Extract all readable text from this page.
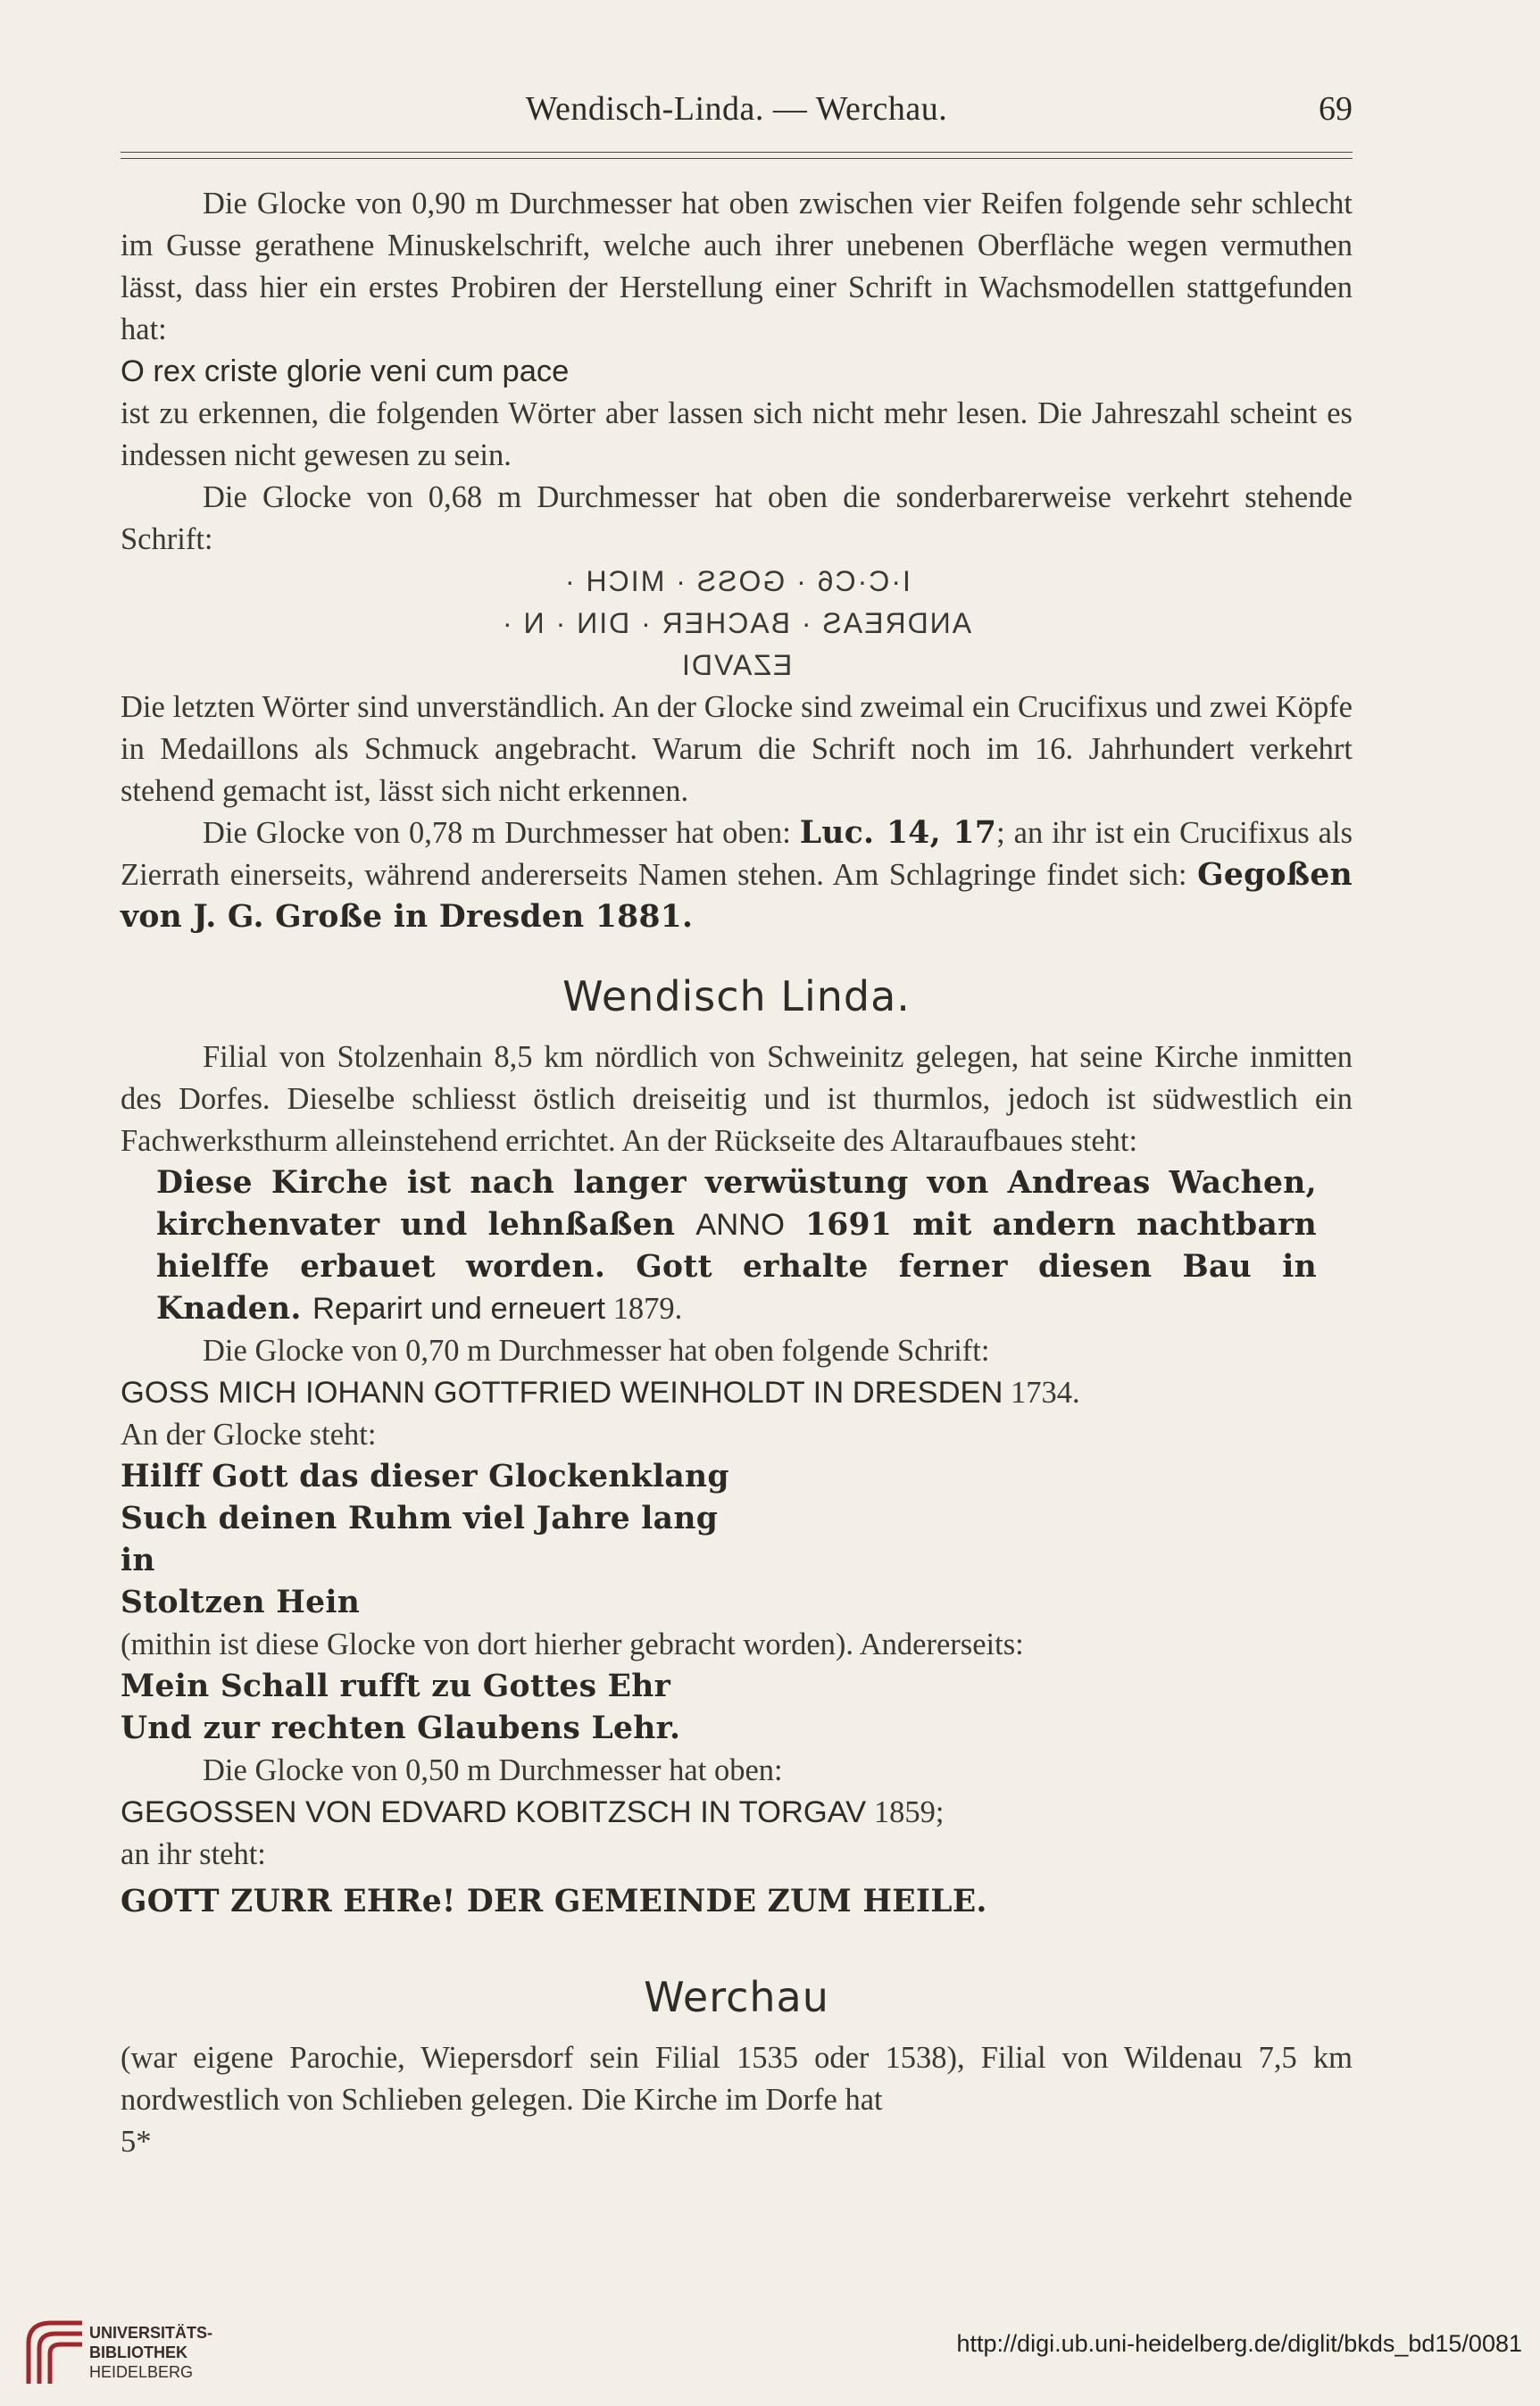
Wendisch-Linda. — Werchau.	69

Die Glocke von 0,90 m Durchmesser hat oben zwischen vier Reifen folgende sehr schlecht im Gusse gerathene Minuskelschrift, welche auch ihrer unebenen Oberfläche wegen vermuthen lässt, dass hier ein erstes Probiren der Herstellung einer Schrift in Wachsmodellen stattgefunden hat:

O rex criste glorie veni cum pace

ist zu erkennen, die folgenden Wörter aber lassen sich nicht mehr lesen. Die Jahreszahl scheint es indessen nicht gewesen zu sein.

Die Glocke von 0,68 m Durchmesser hat oben die sonderbarerweise verkehrt stehende Schrift:

I·C·C6 · GOSS · MICH ·
ANDREAS · BACHER · DIN · N ·
EZAVDI

Die letzten Wörter sind unverständlich. An der Glocke sind zweimal ein Crucifixus und zwei Köpfe in Medaillons als Schmuck angebracht. Warum die Schrift noch im 16. Jahrhundert verkehrt stehend gemacht ist, lässt sich nicht erkennen.

Die Glocke von 0,78 m Durchmesser hat oben: Luc. 14, 17; an ihr ist ein Crucifixus als Zierrath einerseits, während andererseits Namen stehen. Am Schlagringe findet sich: Gegoßen von J. G. Große in Dresden 1881.

Wendisch Linda.

Filial von Stolzenhain 8,5 km nördlich von Schweinitz gelegen, hat seine Kirche inmitten des Dorfes. Dieselbe schliesst östlich dreiseitig und ist thurmlos, jedoch ist südwestlich ein Fachwerksthurm alleinstehend errichtet. An der Rückseite des Altaraufbaues steht:

Diese Kirche ist nach langer verwüstung von Andreas Wachen, kirchenvater und lehnßaßen ANNO 1691 mit andern nachtbarn hielffe erbauet worden. Gott erhalte ferner diesen Bau in Knaden. Reparirt und erneuert 1879.

Die Glocke von 0,70 m Durchmesser hat oben folgende Schrift:

GOSS MICH IOHANN GOTTFRIED WEINHOLDT IN DRESDEN 1734.

An der Glocke steht:

Hilff Gott das dieser Glockenklang

Such deinen Ruhm viel Jahre lang

in

Stoltzen Hein

(mithin ist diese Glocke von dort hierher gebracht worden). Andererseits:

Mein Schall rufft zu Gottes Ehr

Und zur rechten Glaubens Lehr.

Die Glocke von 0,50 m Durchmesser hat oben:

GEGOSSEN VON EDVARD KOBITZSCH IN TORGAV 1859;

an ihr steht:

GOTT ZURR EHRe! DER GEMEINDE ZUM HEILE.

Werchau

(war eigene Parochie, Wiepersdorf sein Filial 1535 oder 1538), Filial von Wildenau 7,5 km nordwestlich von Schlieben gelegen. Die Kirche im Dorfe hat

5*

UNIVERSITÄTS-
BIBLIOTHEK
HEIDELBERG
http://digi.ub.uni-heidelberg.de/diglit/bkds_bd15/0081
